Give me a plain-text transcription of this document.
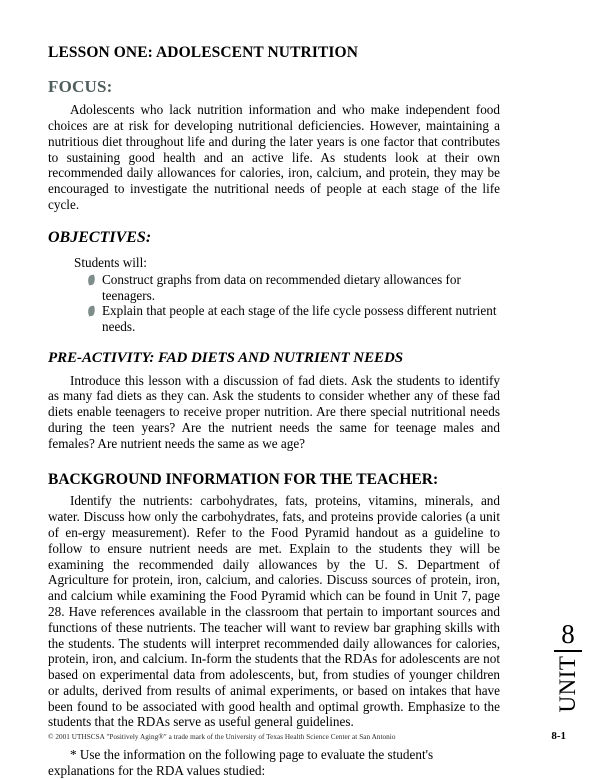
LESSON ONE: ADOLESCENT NUTRITION
FOCUS:

Adolescents who lack nutrition information and who make independent food choices are at risk for developing nutritional deficiencies. However, maintaining a nutritious diet throughout life and during the later years is one factor that contributes to sustaining good health and an active life. As students look at their own recommended daily allowances for calories, iron, calcium, and protein, they may be encouraged to investigate the nutritional needs of people at each stage of the life cycle.

OBJECTIVES:
Students will:
Construct graphs from data on recommended dietary allowances for teenagers.
Explain that people at each stage of the life cycle possess different nutrient needs.
PRE-ACTIVITY: FAD DIETS AND NUTRIENT NEEDS

Introduce this lesson with a discussion of fad diets. Ask the students to identify as many fad diets as they can. Ask the students to consider whether any of these fad diets enable teenagers to receive proper nutrition. Are there special nutritional needs during the teen years? Are the nutrient needs the same for teenage males and females? Are nutrient needs the same as we age?

BACKGROUND INFORMATION FOR THE TEACHER:

Identify the nutrients: carbohydrates, fats, proteins, vitamins, minerals, and water. Discuss how only the carbohydrates, fats, and proteins provide calories (a unit of en-ergy measurement). Refer to the Food Pyramid handout as a guideline to follow to ensure nutrient needs are met. Explain to the students they will be examining the recommended daily allowances by the U. S. Department of Agriculture for protein, iron, calcium, and calories. Discuss sources of protein, iron, and calcium while examining the Food Pyramid which can be found in Unit 7, page 28. Have references available in the classroom that pertain to important sources and functions of these nutrients. The teacher will want to review bar graphing skills with the students. The students will interpret recommended daily allowances for calories, protein, iron, and calcium. In-form the students that the RDAs for adolescents are not based on experimental data from adolescents, but, from studies of younger children or adults, derived from results of animal experiments, or based on intakes that have been found to be associated with good health and optimal growth. Emphasize to the students that the RDAs serve as useful general guidelines.

* Use the information on the following page to evaluate the student's explanations for the RDA values studied:

8
UNIT
© 2001 UTHSCSA "Positively Aging®" a trade mark of the University of Texas Health Science Center at San Antonio	8-1
